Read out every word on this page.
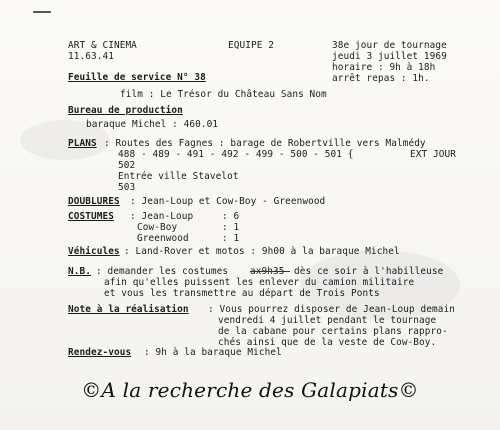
ART & CINEMA
11.63.41
EQUIPE 2	38e jour de tournage
jeudi 3 juillet 1969
horaire : 9h à 18h
arrêt repas : 1h.
Feuille de service N° 38
film : Le Trésor du Château Sans Nom
Bureau de production
baraque Michel : 460.01
PLANS : Routes des Fagnes : barage de Robertville vers Malmédy
488 - 489 - 491 - 492 - 499 - 500 - 501 {	EXT JOUR
502
Entrée ville Stavelot
503
DOUBLURES : Jean-Loup et Cow-Boy - Greenwood
COSTUMES : Jean-Loup	: 6
Cow-Boy	: 1
Greenwood	: 1
Véhicules : Land-Rover et motos : 9h00 à la baraque Michel
N.B. : demander les costumes	dès ce soir à l'habilleuse
afin qu'elles puissent les enlever du camion militaire
et vous les transmettre au départ de Trois Ponts
Note à la réalisation : Vous pourrez disposer de Jean-Loup demain
vendredi 4 juillet pendant le tournage
de la cabane pour certains plans rappro-
chés ainsi que de la veste de Cow-Boy.
Rendez-vous : 9h à la baraque Michel
©A la recherche des Galapiats©
